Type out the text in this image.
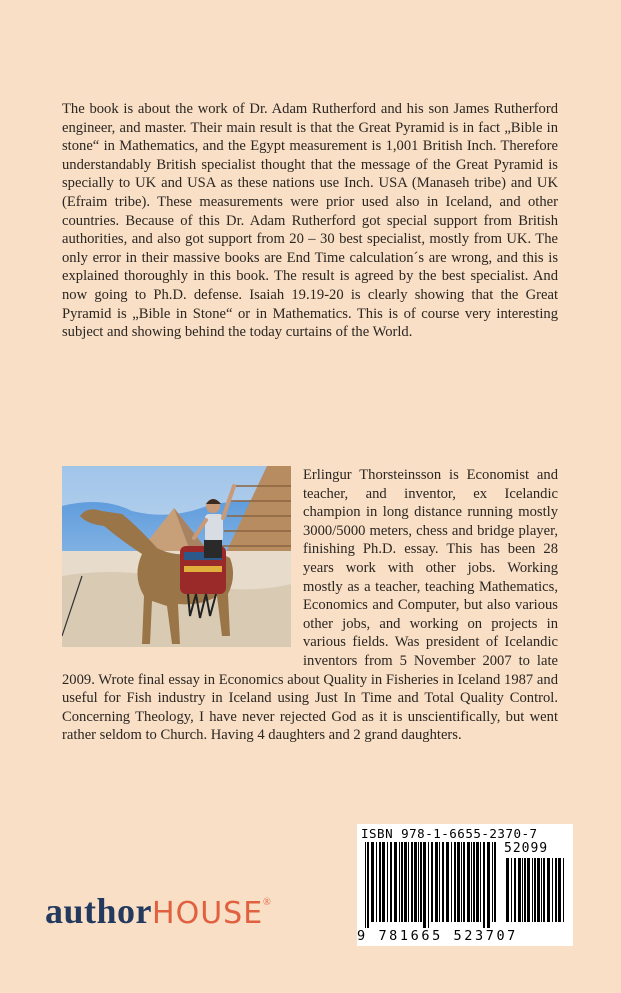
The book is about the work of Dr. Adam Rutherford and his son James Rutherford engineer, and master. Their main result is that the Great Pyramid is in fact „Bible in stone“ in Mathematics, and the Egypt measurement is 1,001 British Inch. Therefore understandably British specialist thought that the message of the Great Pyramid is specially to UK and USA as these nations use Inch. USA (Manaseh tribe) and UK (Efraim tribe). These measurements were prior used also in Iceland, and other countries. Because of this Dr. Adam Rutherford got special support from British authorities, and also got support from 20 – 30 best specialist, mostly from UK. The only error in their massive books are End Time calculation´s are wrong, and this is explained thoroughly in this book. The result is agreed by the best specialist. And now going to Ph.D. defense. Isaiah 19.19-20 is clearly showing that the Great Pyramid is „Bible in Stone“ or in Mathematics. This is of course very interesting subject and showing behind the today curtains of the World.

Erlingur Thorsteinsson is Economist and teacher, and inventor, ex Icelandic champion in long distance running mostly 3000/5000 meters, chess and bridge player, finishing Ph.D. essay. This has been 28 years work with other jobs. Working mostly as a teacher, teaching Mathematics, Economics and Computer, but also various other jobs, and working on projects in various fields. Was president of Icelandic inventors from 5 November 2007 to late 2009. Wrote final essay in Economics about Quality in Fisheries in Iceland 1987 and useful for Fish industry in Iceland using Just In Time and Total Quality Control. Concerning Theology, I have never rejected God as it is unscientifically, but went rather seldom to Church. Having 4 daughters and 2 grand daughters.
authorHOUSE®
ISBN 978-1-6655-2370-7
52099
9 781665 523707
